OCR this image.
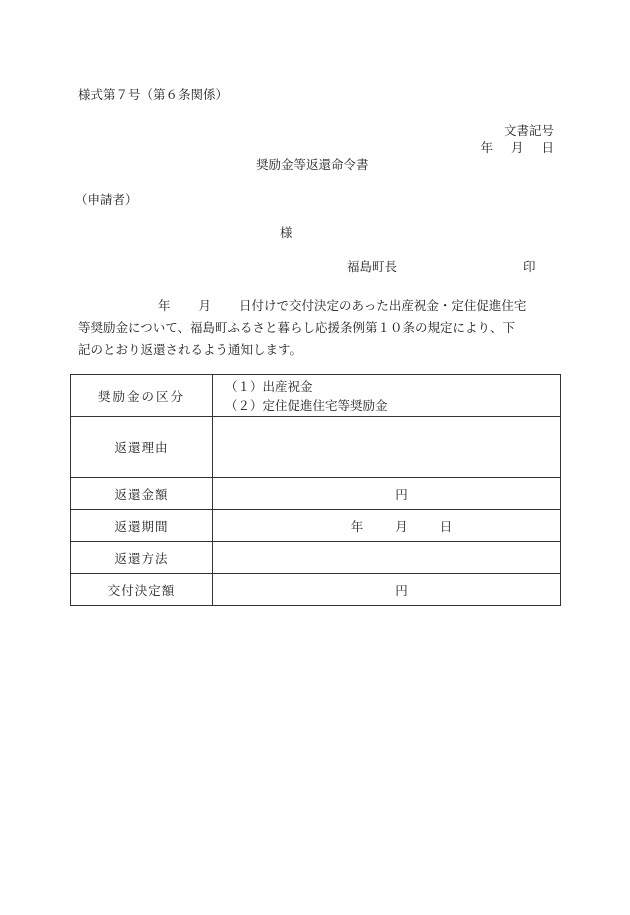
様式第７号（第６条関係）
文書記号
年 月 日
奨励金等返還命令書
（申請者）
様
福島町長	印
年 月 日付けで交付決定のあった出産祝金・定住促進住宅
等奨励金について、福島町ふるさと暮らし応援条例第１０条の規定により、下
記のとおり返還されるよう通知します。
奨励金の区分	（１）出産祝金
（２）定住促進住宅等奨励金

返還理由	
返還金額	円
返還期間	年 月 日
返還方法	
交付決定額	円
